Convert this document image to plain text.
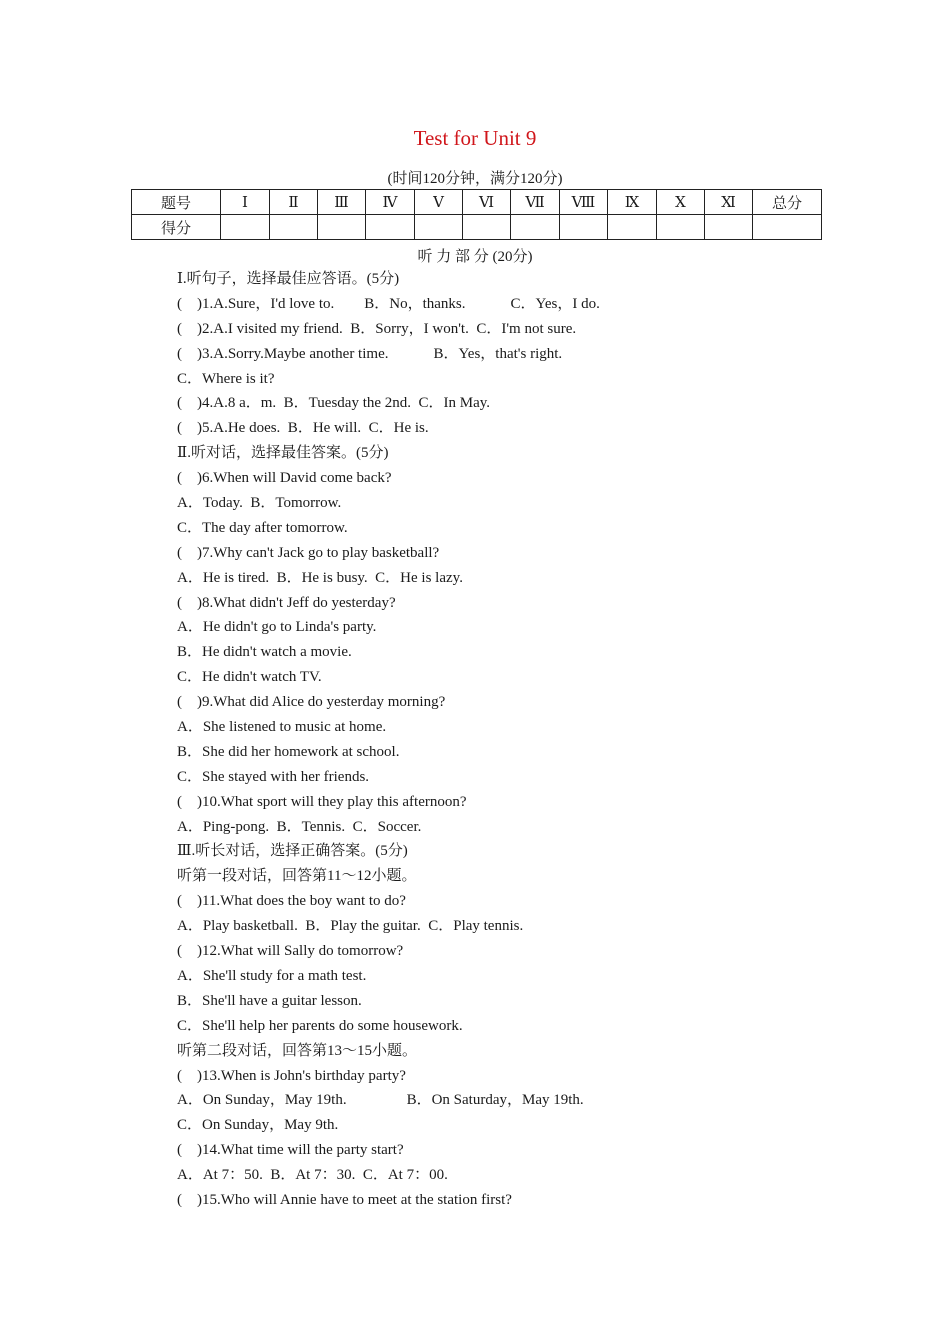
Test for Unit 9
(时间120分钟，满分120分)
题号	Ⅰ	Ⅱ	Ⅲ	Ⅳ	Ⅴ	Ⅵ	Ⅶ	Ⅷ	Ⅸ	Ⅹ	Ⅺ	总分
得分												
听 力 部 分 (20分)
Ⅰ.听句子，选择最佳应答语。(5分)
(　)1.A.Sure，I'd love to.　　B．No，thanks.　　　C．Yes，I do.
(　)2.A.I visited my friend.  B．Sorry，I won't.  C．I'm not sure.
(　)3.A.Sorry.Maybe another time.　　　B．Yes，that's right.
C．Where is it?
(　)4.A.8 a．m.  B．Tuesday the 2nd.  C．In May.
(　)5.A.He does.  B．He will.  C．He is.
Ⅱ.听对话，选择最佳答案。(5分)
(　)6.When will David come back?
A．Today.  B．Tomorrow.
C．The day after tomorrow.
(　)7.Why can't Jack go to play basketball?
A．He is tired.  B．He is busy.  C．He is lazy.
(　)8.What didn't Jeff do yesterday?
A．He didn't go to Linda's party.
B．He didn't watch a movie.
C．He didn't watch TV.
(　)9.What did Alice do yesterday morning?
A．She listened to music at home.
B．She did her homework at school.
C．She stayed with her friends.
(　)10.What sport will they play this afternoon?
A．Ping-pong.  B．Tennis.  C．Soccer.
Ⅲ.听长对话，选择正确答案。(5分)
听第一段对话，回答第11～12小题。
(　)11.What does the boy want to do?
A．Play basketball.  B．Play the guitar.  C．Play tennis.
(　)12.What will Sally do tomorrow?
A．She'll study for a math test.
B．She'll have a guitar lesson.
C．She'll help her parents do some housework.
听第二段对话，回答第13～15小题。
(　)13.When is John's birthday party?
A．On Sunday，May 19th.　　　　B．On Saturday，May 19th.
C．On Sunday，May 9th.
(　)14.What time will the party start?
A．At 7：50.  B．At 7：30.  C．At 7：00.
(　)15.Who will Annie have to meet at the station first?
